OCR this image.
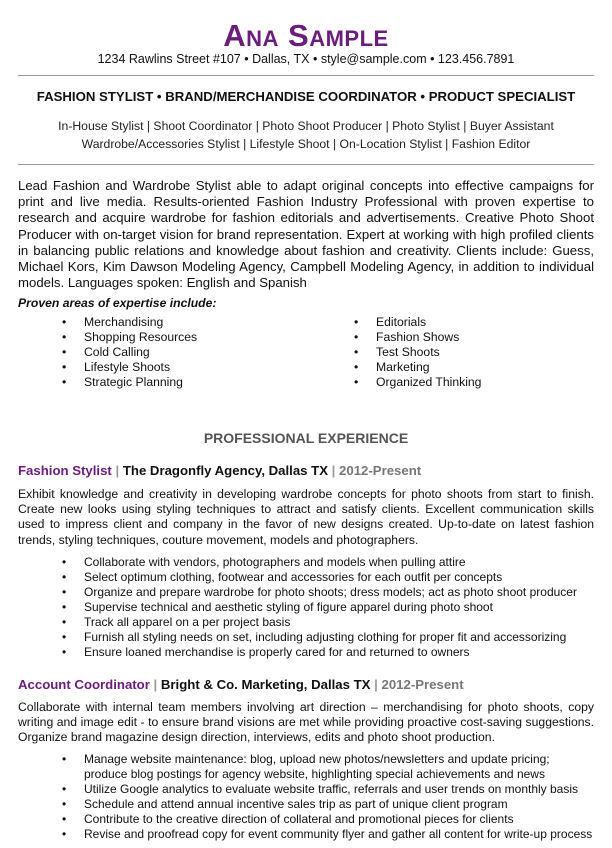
Ana Sample
1234 Rawlins Street #107 • Dallas, TX • style@sample.com • 123.456.7891
FASHION STYLIST • BRAND/MERCHANDISE COORDINATOR • PRODUCT SPECIALIST
In-House Stylist | Shoot Coordinator | Photo Shoot Producer | Photo Stylist | Buyer Assistant
Wardrobe/Accessories Stylist | Lifestyle Shoot | On-Location Stylist | Fashion Editor
Lead Fashion and Wardrobe Stylist able to adapt original concepts into effective campaigns for print and live media. Results-oriented Fashion Industry Professional with proven expertise to research and acquire wardrobe for fashion editorials and advertisements. Creative Photo Shoot Producer with on-target vision for brand representation. Expert at working with high profiled clients in balancing public relations and knowledge about fashion and creativity. Clients include: Guess, Michael Kors, Kim Dawson Modeling Agency, Campbell Modeling Agency, in addition to individual models. Languages spoken: English and Spanish
Proven areas of expertise include:
• Merchandising
• Shopping Resources
• Cold Calling
• Lifestyle Shoots
• Strategic Planning
• Editorials
• Fashion Shows
• Test Shoots
• Marketing
• Organized Thinking
PROFESSIONAL EXPERIENCE
Fashion Stylist | The Dragonfly Agency, Dallas TX | 2012-Present
Exhibit knowledge and creativity in developing wardrobe concepts for photo shoots from start to finish. Create new looks using styling techniques to attract and satisfy clients. Excellent communication skills used to impress client and company in the favor of new designs created. Up-to-date on latest fashion trends, styling techniques, couture movement, models and photographers.
• Collaborate with vendors, photographers and models when pulling attire
• Select optimum clothing, footwear and accessories for each outfit per concepts
• Organize and prepare wardrobe for photo shoots; dress models; act as photo shoot producer
• Supervise technical and aesthetic styling of figure apparel during photo shoot
• Track all apparel on a per project basis
• Furnish all styling needs on set, including adjusting clothing for proper fit and accessorizing
• Ensure loaned merchandise is properly cared for and returned to owners
Account Coordinator | Bright & Co. Marketing, Dallas TX | 2012-Present
Collaborate with internal team members involving art direction – merchandising for photo shoots, copy writing and image edit - to ensure brand visions are met while providing proactive cost-saving suggestions. Organize brand magazine design direction, interviews, edits and photo shoot production.
• Manage website maintenance: blog, upload new photos/newsletters and update pricing; produce blog postings for agency website, highlighting special achievements and news
• Utilize Google analytics to evaluate website traffic, referrals and user trends on monthly basis
• Schedule and attend annual incentive sales trip as part of unique client program
• Contribute to the creative direction of collateral and promotional pieces for clients
• Revise and proofread copy for event community flyer and gather all content for write-up process
